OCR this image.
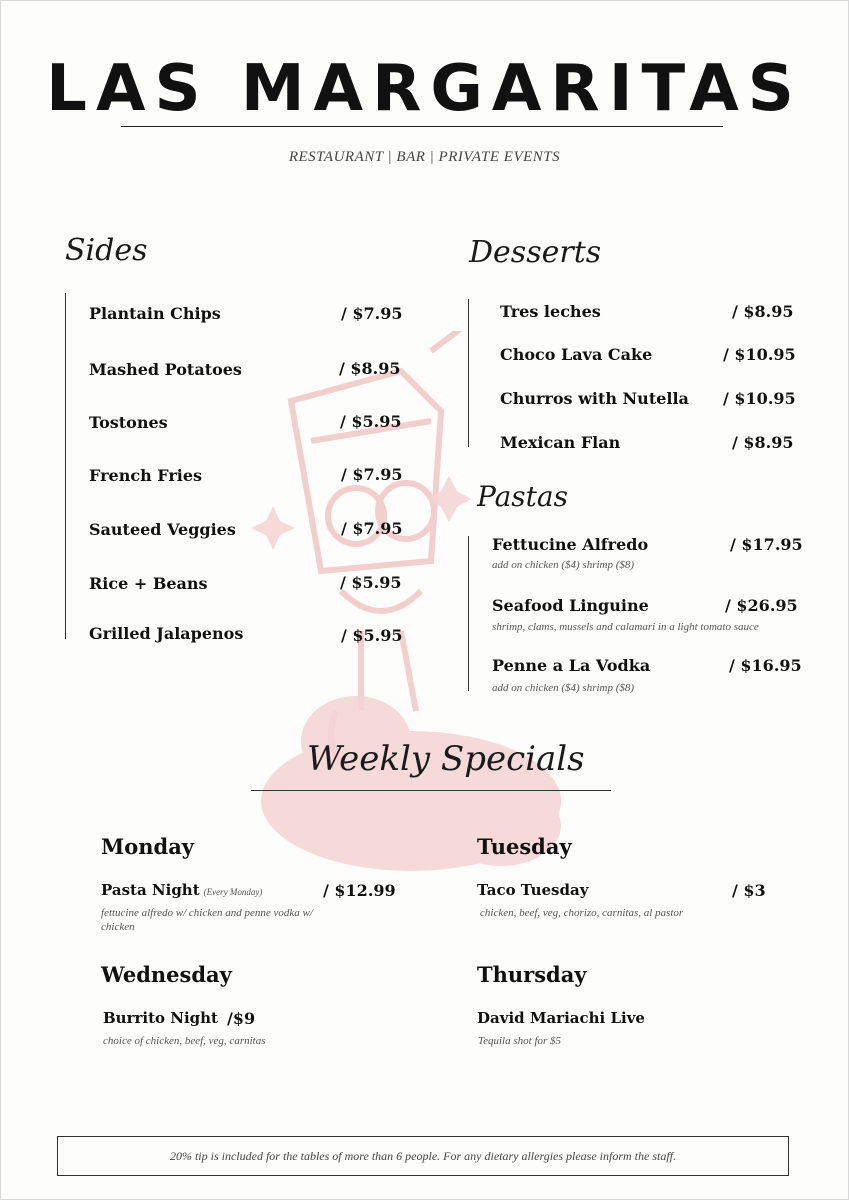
LAS MARGARITAS
RESTAURANT | BAR | PRIVATE EVENTS
Sides
Plantain Chips	/ $7.95
Mashed Potatoes	/ $8.95
Tostones	/ $5.95
French Fries	/ $7.95
Sauteed Veggies	/ $7.95
Rice + Beans	/ $5.95
Grilled Jalapenos	/ $5.95
Desserts
Tres leches	/ $8.95
Choco Lava Cake	/ $10.95
Churros with Nutella / $10.95
Mexican Flan	/ $8.95
Pastas
Fettucine Alfredo	/ $17.95
add on chicken ($4) shrimp ($8)
Seafood Linguine	/ $26.95
shrimp, clams, mussels and calamari in a light tomato sauce
Penne a La Vodka	/ $16.95
add on chicken ($4) shrimp ($8)
Weekly Specials
Monday
Pasta Night (Every Monday)	/ $12.99
fettucine alfredo w/ chicken and penne vodka w/ chicken
Tuesday
Taco Tuesday	/ $3
chicken, beef, veg, chorizo, carnitas, al pastor
Wednesday
Burrito Night /$9
choice of chicken, beef, veg, carnitas
Thursday
David Mariachi Live
Tequila shot for $5
20% tip is included for the tables of more than 6 people. For any dietary allergies please inform the staff.
